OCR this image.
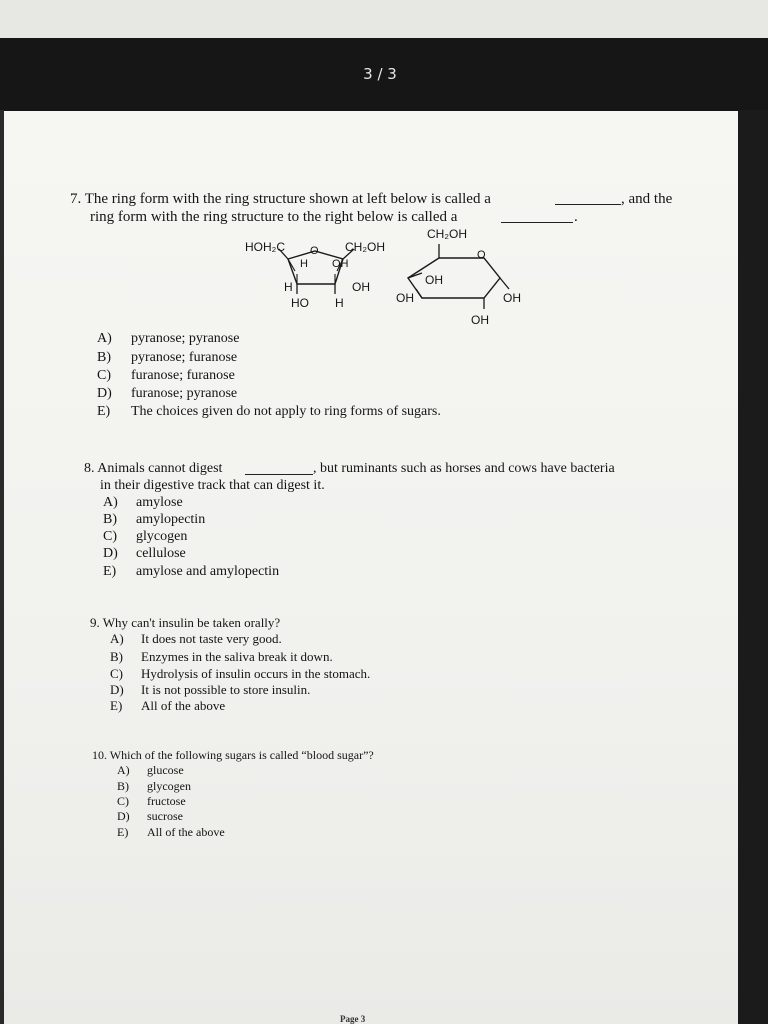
3 / 3
7. The ring form with the ring structure shown at left below is called a	, and the
ring form with the ring structure to the right below is called a	.
HOH₂C O CH₂OH
H OH
H	OH
HO H
CH₂OH
O
OH
OH	OH
OH
A) pyranose; pyranose
B) pyranose; furanose
C) furanose; furanose
D) furanose; pyranose
E) The choices given do not apply to ring forms of sugars.
8. Animals cannot digest	, but ruminants such as horses and cows have bacteria
in their digestive track that can digest it.
A) amylose
B) amylopectin
C) glycogen
D) cellulose
E) amylose and amylopectin
9. Why can't insulin be taken orally?
A) It does not taste very good.
B) Enzymes in the saliva break it down.
C) Hydrolysis of insulin occurs in the stomach.
D) It is not possible to store insulin.
E) All of the above
10. Which of the following sugars is called “blood sugar”?
A) glucose
B) glycogen
C) fructose
D) sucrose
E) All of the above
Page 3
